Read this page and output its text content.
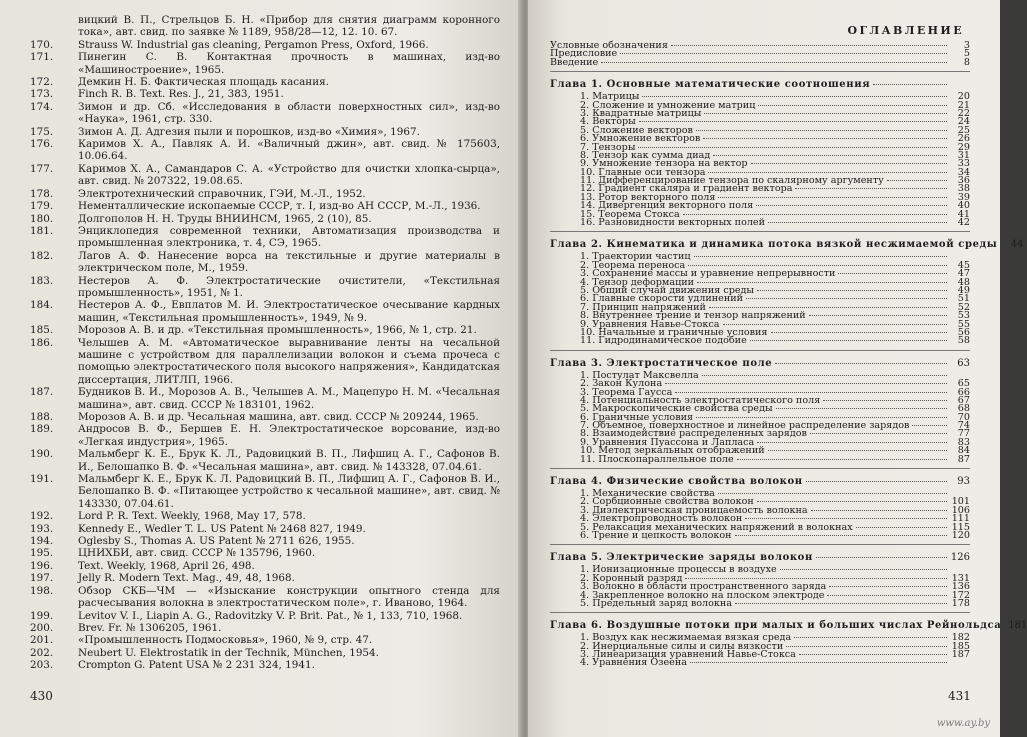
вицкий В. П., Стрельцов Б. Н. «Прибор для снятия диаграмм коронного тока», авт. свид. по заявке № 1189, 958/28—12, 12. 10. 67.
170.	Strauss W. Industrial gas cleaning, Pergamon Press, Oxford, 1966.
171.	Пинегин С. В. Контактная прочность в машинах, изд-во «Машиностроение», 1965.
172.	Демкин Н. Б. Фактическая площадь касания.
173.	Finch R. B. Text. Res. J., 21, 383, 1951.
174.	Зимон и др. Сб. «Исследования в области поверхностных сил», изд-во «Наука», 1961, стр. 330.
175.	Зимон А. Д. Адгезия пыли и порошков, изд-во «Химия», 1967.
176.	Каримов Х. А., Павляк А. И. «Валичный джин», авт. свид. № 175603, 10.06.64.
177.	Каримов Х. А., Самандаров С. А. «Устройство для очистки хлопка-сырца», авт. свид. № 207322, 19.08.65.
178.	Электротехнический справочник, ГЭИ, М.-Л., 1952.
179.	Нементаллические ископаемые СССР, т. I, изд-во АН СССР, М.-Л., 1936.
180.	Долгополов Н. Н. Труды ВНИИНСМ, 1965, 2 (10), 85.
181.	Энциклопедия современной техники, Автоматизация производства и промышленная электроника, т. 4, СЭ, 1965.
182.	Лагов А. Ф. Нанесение ворса на текстильные и другие материалы в электрическом поле, М., 1959.
183.	Нестеров А. Ф. Электростатические очистители, «Текстильная промышленность», 1951, № 1.
184.	Нестеров А. Ф., Евплатов М. И. Электростатическое очесывание кардных машин, «Текстильная промышленность», 1949, № 9.
185.	Морозов А. В. и др. «Текстильная промышленность», 1966, № 1, стр. 21.
186.	Челышев А. М. «Автоматическое выравнивание ленты на чесальной машине с устройством для параллелизации волокон и съема прочеса с помощью электростатического поля высокого напряжения», Кандидатская диссертация, ЛИТЛП, 1966.
187.	Будников В. И., Морозов А. В., Челышев А. М., Мацепуро Н. М. «Чесальная машина», авт. свид. СССР № 183101, 1962.
188.	Морозов А. В. и др. Чесальная машина, авт. свид. СССР № 209244, 1965.
189.	Андросов В. Ф., Бершев Е. Н. Электростатическое ворсование, изд-во «Легкая индустрия», 1965.
190.	Мальмберг К. Е., Брук К. Л., Радовицкий В. П., Лифшиц А. Г., Сафонов В. И., Белошапко В. Ф. «Чесальная машина», авт. свид. № 143328, 07.04.61.
191.	Мальмберг К. Е., Брук К. Л. Радовицкий В. П., Лифшиц А. Г., Сафонов В. И., Белошапко В. Ф. «Питающее устройство к чесальной машине», авт. свид. № 143330, 07.04.61.
192.	Lord P. R. Text. Weekly, 1968, May 17, 578.
193.	Kennedy E., Wedler T. L. US Patent № 2468 827, 1949.
194.	Oglesby S., Thomas A. US Patent № 2711 626, 1955.
195.	ЦНИХБИ, авт. свид. СССР № 135796, 1960.
196.	Text. Weekly, 1968, April 26, 498.
197.	Jelly R. Modern Text. Mag., 49, 48, 1968.
198.	Обзор СКБ—ЧМ — «Изыскание конструкции опытного стенда для расчесывания волокна в электростатическом поле», г. Иваново, 1964.
199.	Levitov V. I., Liapin A. G., Radovitzky V. P. Brit. Pat., № 1, 133, 710, 1968.
200.	Brev. Fr. № 1306205, 1961.
201.	«Промышленность Подмосковья», 1960, № 9, стр. 47.
202.	Neubert U. Elektrostatik in der Technik, München, 1954.
203.	Crompton G. Patent USA № 2 231 324, 1941.
430
ОГЛАВЛЕНИЕ
Условные обозначения	3
Предисловие	5
Введение	8
Глава 1. Основные математические соотношения
1. Матрицы	20
2. Сложение и умножение матриц	21
3. Квадратные матрицы	22
4. Векторы	24
5. Сложение векторов	25
6. Умножение векторов	26
7. Тензоры	29
8. Тензор как сумма диад	31
9. Умножение тензора на вектор	33
10. Главные оси тензора	34
11. Дифференцирование тензора по скалярному аргументу	36
12. Градиент скаляра и градиент вектора	38
13. Ротор векторного поля	39
14. Дивергенция векторного поля	40
15. Теорема Стокса	41
16. Разновидности векторных полей	42
Глава 2. Кинематика и динамика потока вязкой несжимаемой среды	44
1. Траектории частиц
2. Теорема переноса	45
3. Сохранение массы и уравнение непрерывности	47
4. Тензор деформации	48
5. Общий случай движения среды	49
6. Главные скорости удлинений	51
7. Принцип напряжений	52
8. Внутреннее трение и тензор напряжений	53
9. Уравнения Навье-Стокса	55
10. Начальные и граничные условия	56
11. Гидродинамическое подобие	58
Глава 3. Электростатическое поле	63
1. Постулат Максвелла
2. Закон Кулона	65
3. Теорема Гаусса	66
4. Потенциальность электростатического поля	67
5. Макроскопические свойства среды	68
6. Граничные условия	70
7. Объемное, поверхностное и линейное распределение зарядов	74
8. Взаимодействие распределенных зарядов	77
9. Уравнения Пуассона и Лапласа	83
10. Метод зеркальных отображений	84
11. Плоскопараллельное поле	87
Глава 4. Физические свойства волокон	93
1. Механические свойства
2. Сорбционные свойства волокон	101
3. Диэлектрическая проницаемость волокна	106
4. Электропроводность волокон	111
5. Релаксация механических напряжений в волокнах	115
6. Трение и цепкость волокон	120
Глава 5. Электрические заряды волокон	126
1. Ионизационные процессы в воздухе
2. Коронный разряд	131
3. Волокно в области пространственного заряда	136
4. Закрепленное волокно на плоском электроде	172
5. Предельный заряд волокна	178
Глава 6. Воздушные потоки при малых и больших числах Рейнольдса 181
1. Воздух как несжимаемая вязкая среда	182
2. Инерциальные силы и силы вязкости	185
3. Линеаризация уравнений Навье-Стокса	187
4. Уравнения Озеена
431
www.ay.by
